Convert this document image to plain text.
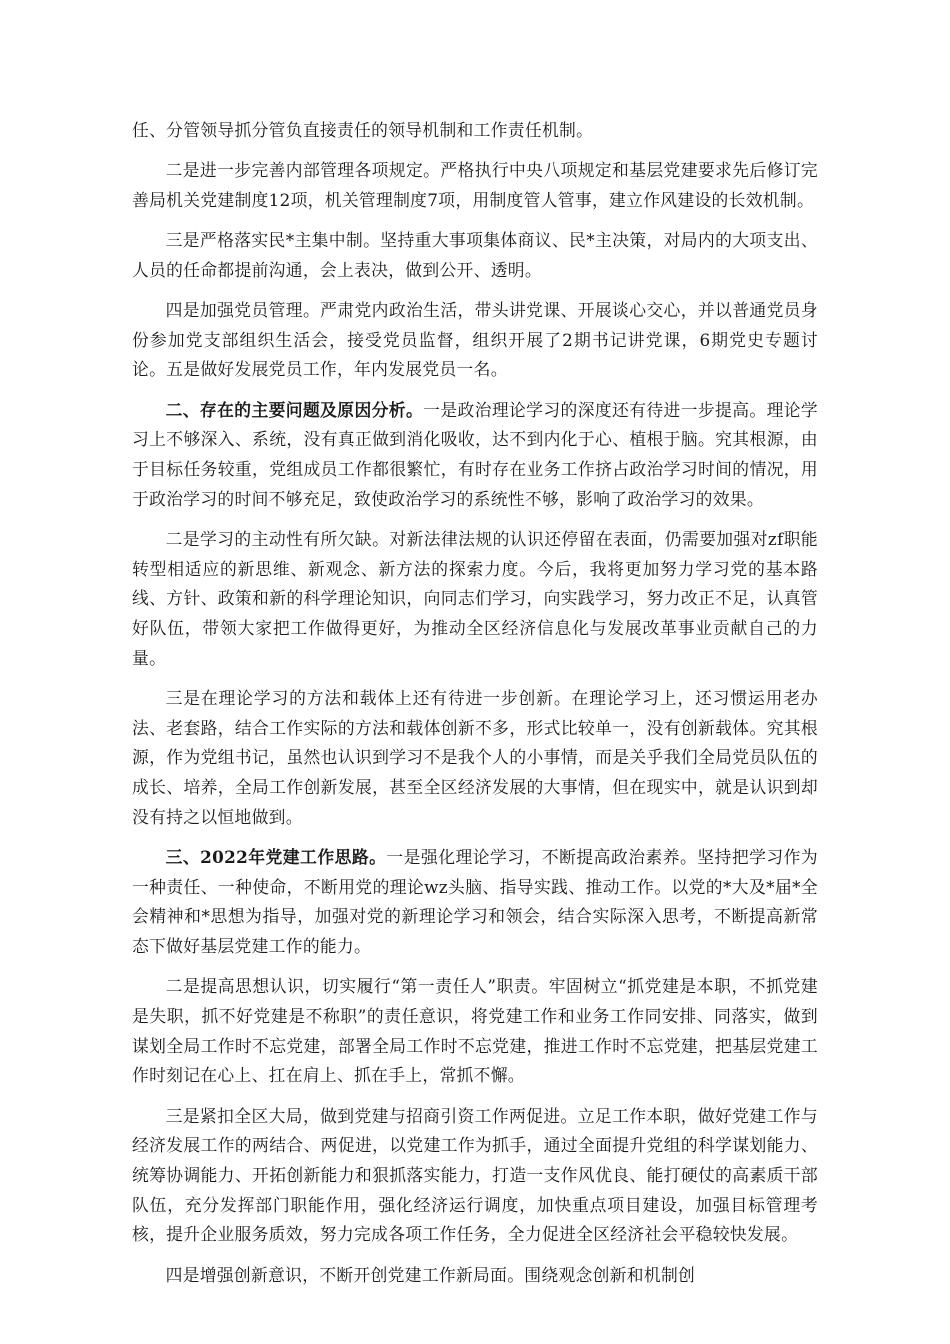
任、分管领导抓分管负直接责任的领导机制和工作责任机制。

二是进一步完善内部管理各项规定。严格执行中央八项规定和基层党建要求先后修订完善局机关党建制度12项，机关管理制度7项，用制度管人管事，建立作风建设的长效机制。

三是严格落实民*主集中制。坚持重大事项集体商议、民*主决策，对局内的大项支出、人员的任命都提前沟通，会上表决，做到公开、透明。

四是加强党员管理。严肃党内政治生活，带头讲党课、开展谈心交心，并以普通党员身份参加党支部组织生活会，接受党员监督，组织开展了2期书记讲党课，6期党史专题讨论。五是做好发展党员工作，年内发展党员一名。

二、存在的主要问题及原因分析。一是政治理论学习的深度还有待进一步提高。理论学习上不够深入、系统，没有真正做到消化吸收，达不到内化于心、植根于脑。究其根源，由于目标任务较重，党组成员工作都很繁忙，有时存在业务工作挤占政治学习时间的情况，用于政治学习的时间不够充足，致使政治学习的系统性不够，影响了政治学习的效果。

二是学习的主动性有所欠缺。对新法律法规的认识还停留在表面，仍需要加强对zf职能转型相适应的新思维、新观念、新方法的探索力度。今后，我将更加努力学习党的基本路线、方针、政策和新的科学理论知识，向同志们学习，向实践学习，努力改正不足，认真管好队伍，带领大家把工作做得更好，为推动全区经济信息化与发展改革事业贡献自己的力量。

三是在理论学习的方法和载体上还有待进一步创新。在理论学习上，还习惯运用老办法、老套路，结合工作实际的方法和载体创新不多，形式比较单一，没有创新载体。究其根源，作为党组书记，虽然也认识到学习不是我个人的小事情，而是关乎我们全局党员队伍的成长、培养，全局工作创新发展，甚至全区经济发展的大事情，但在现实中，就是认识到却没有持之以恒地做到。

三、2022年党建工作思路。一是强化理论学习，不断提高政治素养。坚持把学习作为一种责任、一种使命，不断用党的理论wz头脑、指导实践、推动工作。以党的*大及*届*全会精神和*思想为指导，加强对党的新理论学习和领会，结合实际深入思考，不断提高新常态下做好基层党建工作的能力。

二是提高思想认识，切实履行“第一责任人”职责。牢固树立“抓党建是本职，不抓党建是失职，抓不好党建是不称职”的责任意识，将党建工作和业务工作同安排、同落实，做到谋划全局工作时不忘党建，部署全局工作时不忘党建，推进工作时不忘党建，把基层党建工作时刻记在心上、扛在肩上、抓在手上，常抓不懈。

三是紧扣全区大局，做到党建与招商引资工作两促进。立足工作本职，做好党建工作与经济发展工作的两结合、两促进，以党建工作为抓手，通过全面提升党组的科学谋划能力、统筹协调能力、开拓创新能力和狠抓落实能力，打造一支作风优良、能打硬仗的高素质干部队伍，充分发挥部门职能作用，强化经济运行调度，加快重点项目建设，加强目标管理考核，提升企业服务质效，努力完成各项工作任务，全力促进全区经济社会平稳较快发展。

四是增强创新意识，不断开创党建工作新局面。围绕观念创新和机制创
